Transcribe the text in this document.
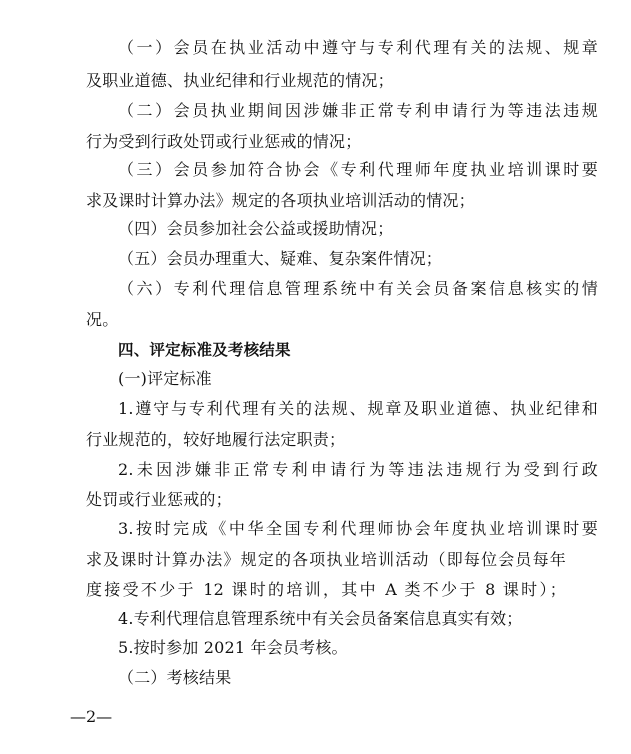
（一）会员在执业活动中遵守与专利代理有关的法规、规章
及职业道德、执业纪律和行业规范的情况；
（二）会员执业期间因涉嫌非正常专利申请行为等违法违规
行为受到行政处罚或行业惩戒的情况；
（三）会员参加符合协会《专利代理师年度执业培训课时要
求及课时计算办法》规定的各项执业培训活动的情况；
（四）会员参加社会公益或援助情况；
（五）会员办理重大、疑难、复杂案件情况；
（六）专利代理信息管理系统中有关会员备案信息核实的情
况。
四、评定标准及考核结果
(一)评定标准
1.遵守与专利代理有关的法规、规章及职业道德、执业纪律和
行业规范的，较好地履行法定职责；
2.未因涉嫌非正常专利申请行为等违法违规行为受到行政
处罚或行业惩戒的；
3.按时完成《中华全国专利代理师协会年度执业培训课时要
求及课时计算办法》规定的各项执业培训活动（即每位会员每年
度接受不少于 12 课时的培训，其中 A 类不少于 8 课时）；
4.专利代理信息管理系统中有关会员备案信息真实有效；
5.按时参加 2021 年会员考核。
（二）考核结果
—2—
